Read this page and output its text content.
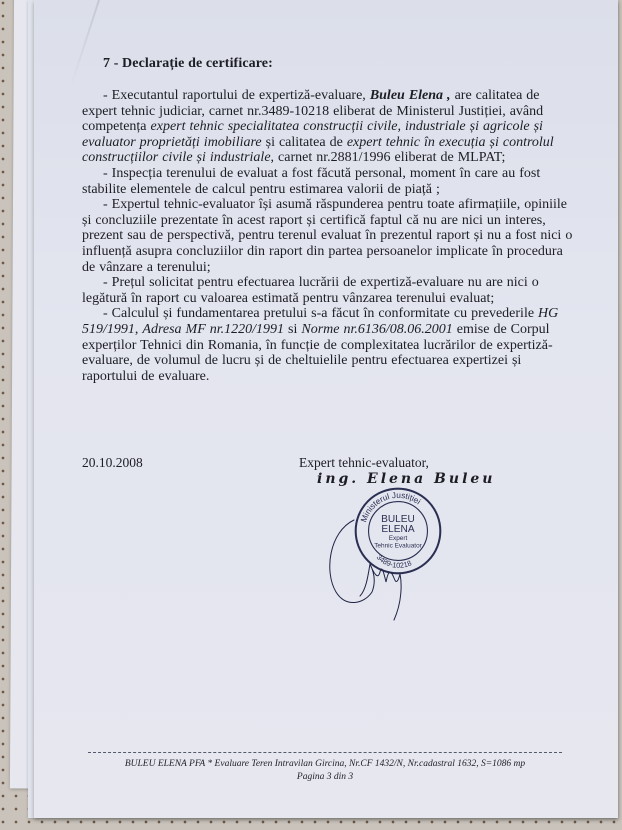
7 - Declarație de certificare:

- Executantul raportului de expertiză-evaluare, Buleu Elena , are calitatea de expert tehnic judiciar, carnet nr.3489-10218 eliberat de Ministerul Justiției, având competența expert tehnic specialitatea construcții civile, industriale și agricole și evaluator proprietăți imobiliare și calitatea de expert tehnic în execuția și controlul construcțiilor civile și industriale, carnet nr.2881/1996 eliberat de MLPAT;

- Inspecția terenului de evaluat a fost făcută personal, moment în care au fost stabilite elementele de calcul pentru estimarea valorii de piață ;

- Expertul tehnic-evaluator își asumă răspunderea pentru toate afirmațiile, opiniile și concluziile prezentate în acest raport și certifică faptul că nu are nici un interes, prezent sau de perspectivă, pentru terenul evaluat în prezentul raport și nu a fost nici o influență asupra concluziilor din raport din partea persoanelor implicate în procedura de vânzare a terenului;

- Prețul solicitat pentru efectuarea lucrării de expertiză-evaluare nu are nici o legătură în raport cu valoarea estimată pentru vânzarea terenului evaluat;

- Calculul și fundamentarea pretului s-a făcut în conformitate cu prevederile HG 519/1991, Adresa MF nr.1220/1991 si Norme nr.6136/08.06.2001 emise de Corpul experților Tehnici din Romania, în funcție de complexitatea lucrărilor de expertiză-evaluare, de volumul de lucru și de cheltuielile pentru efectuarea expertizei și raportului de evaluare.

20.10.2008	Expert tehnic-evaluator,
ing. Elena Buleu
Ministerul Justiției
3489-10218
BULEU
ELENA
Expert
Tehnic Evaluator
BULEU ELENA PFA * Evaluare Teren Intravilan Gircina, Nr.CF 1432/N, Nr.cadastral 1632, S=1086 mp
Pagina 3 din 3
